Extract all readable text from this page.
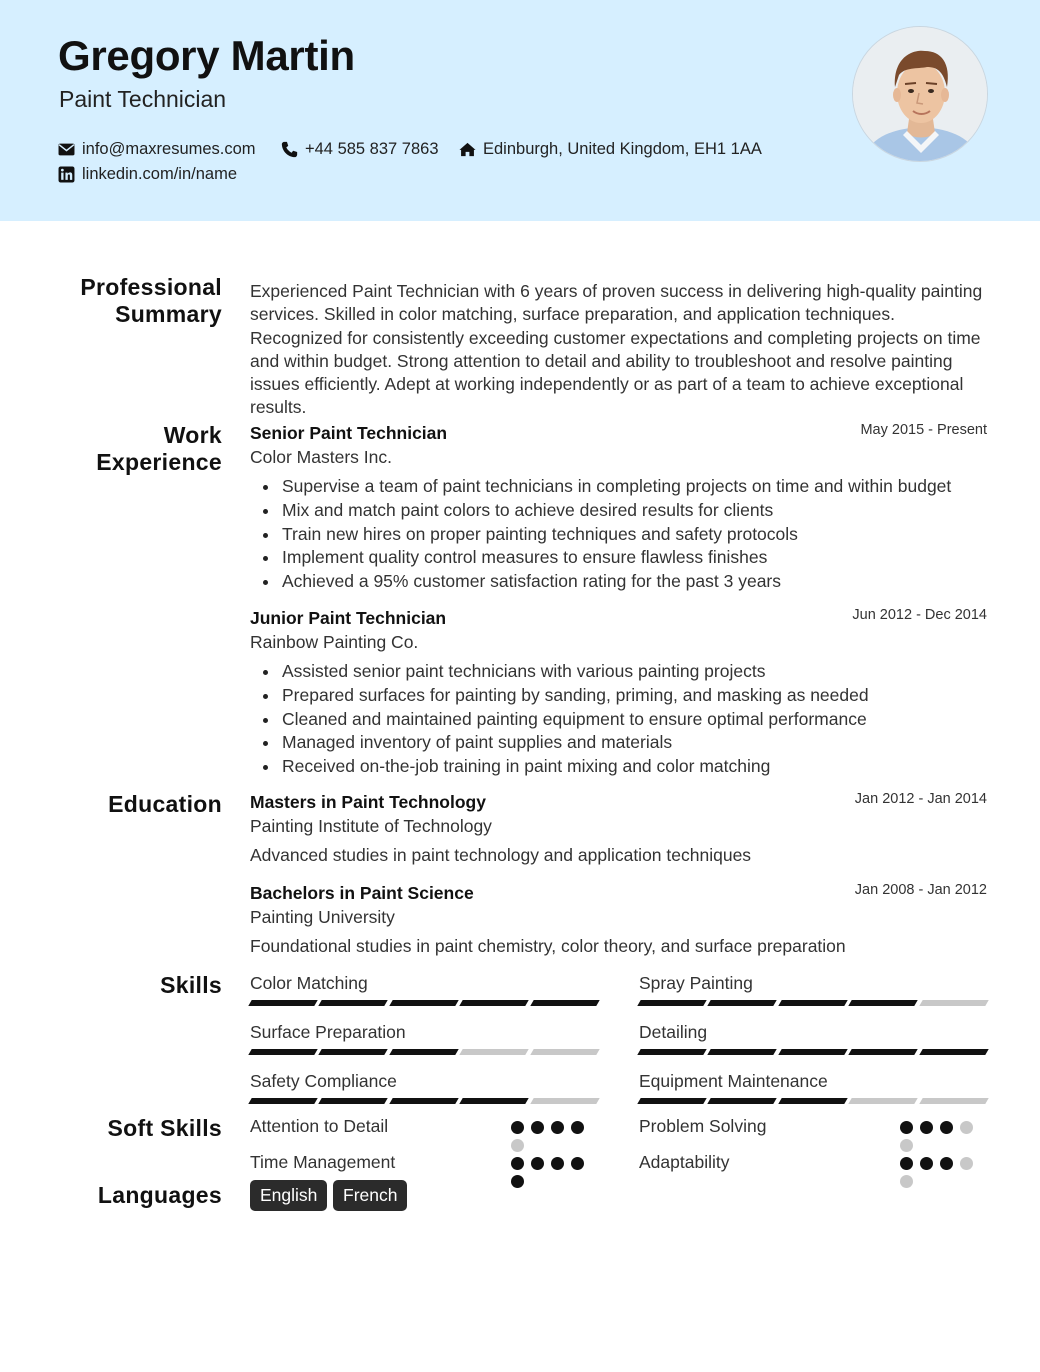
Gregory Martin
Paint Technician
info@maxresumes.com	+44 585 837 7863	Edinburgh, United Kingdom, EH1 1AA
linkedin.com/in/name
Professional
Summary
Work
Experience
Education
Skills
Soft Skills
Languages
Experienced Paint Technician with 6 years of proven success in delivering high-quality painting services. Skilled in color matching, surface preparation, and application techniques. Recognized for consistently exceeding customer expectations and completing projects on time and within budget. Strong attention to detail and ability to troubleshoot and resolve painting issues efficiently. Adept at working independently or as part of a team to achieve exceptional results.
Senior Paint Technician	May 2015 - Present
Color Masters Inc.
Supervise a team of paint technicians in completing projects on time and within budget
Mix and match paint colors to achieve desired results for clients
Train new hires on proper painting techniques and safety protocols
Implement quality control measures to ensure flawless finishes
Achieved a 95% customer satisfaction rating for the past 3 years
Junior Paint Technician	Jun 2012 - Dec 2014
Rainbow Painting Co.
Assisted senior paint technicians with various painting projects
Prepared surfaces for painting by sanding, priming, and masking as needed
Cleaned and maintained painting equipment to ensure optimal performance
Managed inventory of paint supplies and materials
Received on-the-job training in paint mixing and color matching
Masters in Paint Technology	Jan 2012 - Jan 2014
Painting Institute of Technology
Advanced studies in paint technology and application techniques
Bachelors in Paint Science	Jan 2008 - Jan 2012
Painting University
Foundational studies in paint chemistry, color theory, and surface preparation
Color Matching	Spray Painting
Surface Preparation	Detailing
Safety Compliance	Equipment Maintenance
Attention to Detail	Problem Solving
Time Management	Adaptability
English	French
